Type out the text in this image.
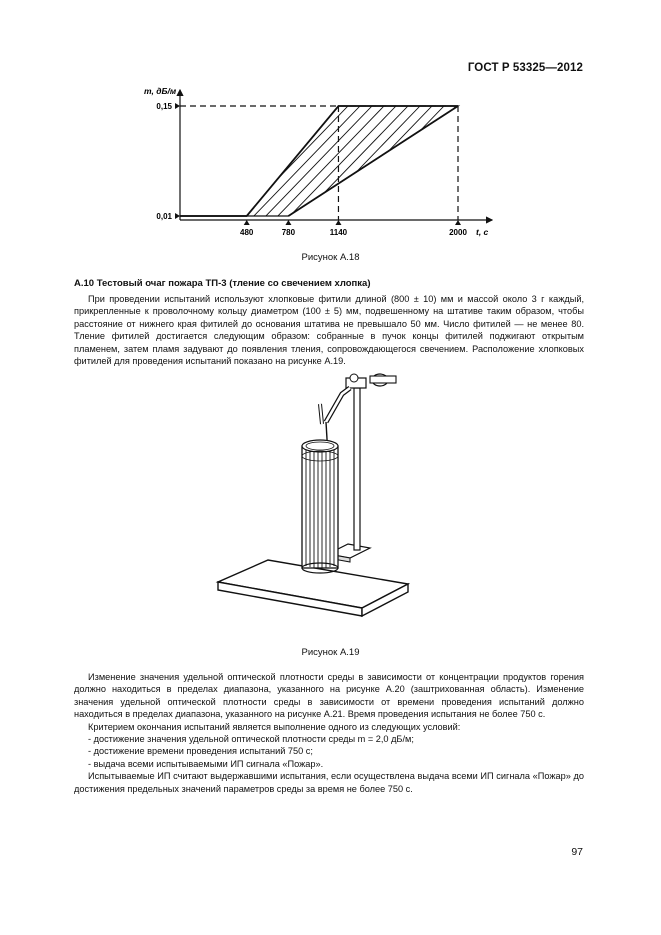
ГОСТ Р 53325—2012
0,15
0,01
480	780	1140	2000
m, дБ/м
t, с
Рисунок А.18
А.10 Тестовый очаг пожара ТП-3 (тление со свечением хлопка)

При проведении испытаний используют хлопковые фитили длиной (800 ± 10) мм и массой около 3 г каждый, прикрепленные к проволочному кольцу диаметром (100 ± 5) мм, подвешенному на штативе таким образом, чтобы расстояние от нижнего края фитилей до основания штатива не превышало 50 мм. Число фитилей — не менее 80. Тление фитилей достигается следующим образом: собранные в пучок концы фитилей поджигают открытым пламенем, затем пламя задувают до появления тления, сопровождающегося свечением. Расположение хлопковых фитилей для проведения испытаний показано на рисунке А.19.

Рисунок А.19

Изменение значения удельной оптической плотности среды в зависимости от концентрации продуктов горения должно находиться в пределах диапазона, указанного на рисунке А.20 (заштрихованная область). Изменение значения удельной оптической плотности среды в зависимости от времени проведения испытаний должно находиться в пределах диапазона, указанного на рисунке А.21. Время проведения испытания не более 750 с.

Критерием окончания испытаний является выполнение одного из следующих условий:

- достижение значения удельной оптической плотности среды m = 2,0 дБ/м;

- достижение времени проведения испытаний 750 с;

- выдача всеми испытываемыми ИП сигнала «Пожар».

Испытываемые ИП считают выдержавшими испытания, если осуществлена выдача всеми ИП сигнала «Пожар» до достижения предельных значений параметров среды за время не более 750 с.

97
